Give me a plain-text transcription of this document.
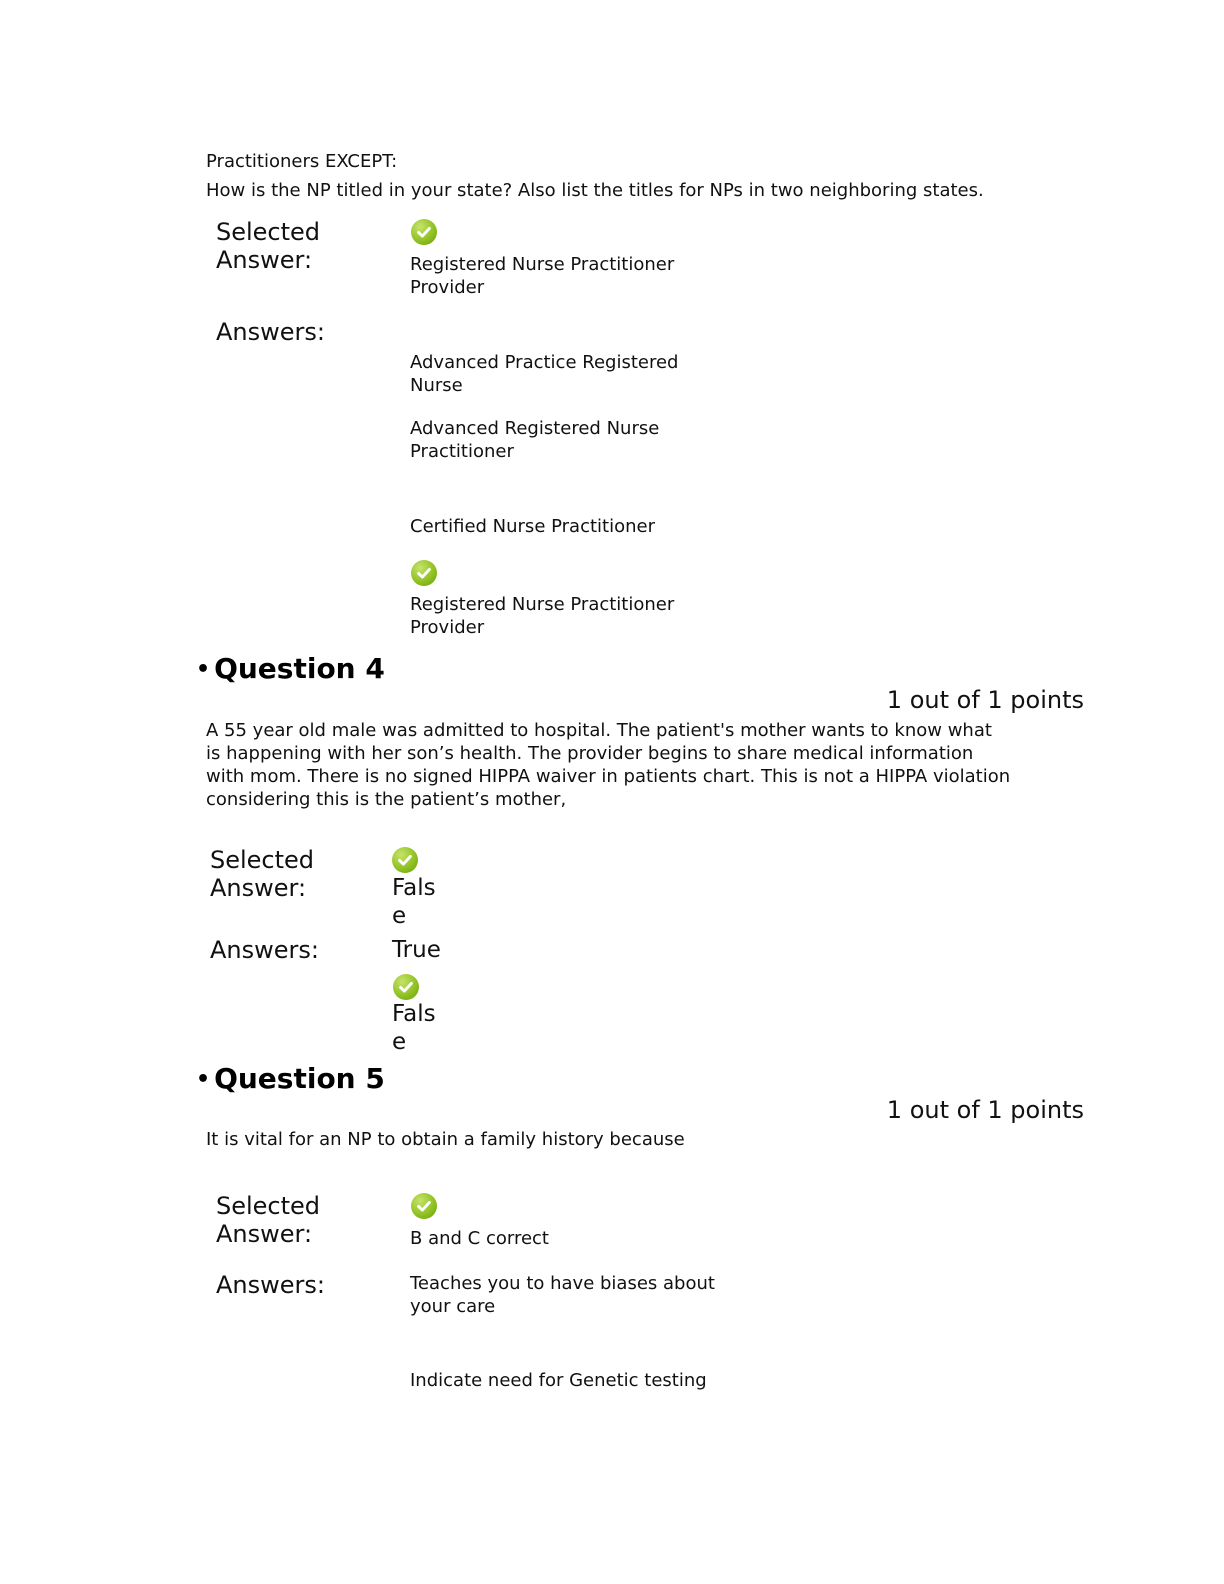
Practitioners EXCEPT:
How is the NP titled in your state? Also list the titles for NPs in two neighboring states.
Selected
Answer:	Registered Nurse Practitioner
Provider
Answers:
Advanced Practice Registered
Nurse
Advanced Registered Nurse
Practitioner
Certified Nurse Practitioner
Registered Nurse Practitioner
Provider
• Question 4
1 out of 1 points
A 55 year old male was admitted to hospital. The patient's mother wants to know what
is happening with her son’s health. The provider begins to share medical information
with mom. There is no signed HIPPA waiver in patients chart. This is not a HIPPA violation
considering this is the patient’s mother,
Selected
Answer:	Fals
e
Answers:	True
Fals
e
• Question 5
1 out of 1 points
It is vital for an NP to obtain a family history because
Selected
Answer:	B and C correct
Answers:	Teaches you to have biases about
your care
Indicate need for Genetic testing
